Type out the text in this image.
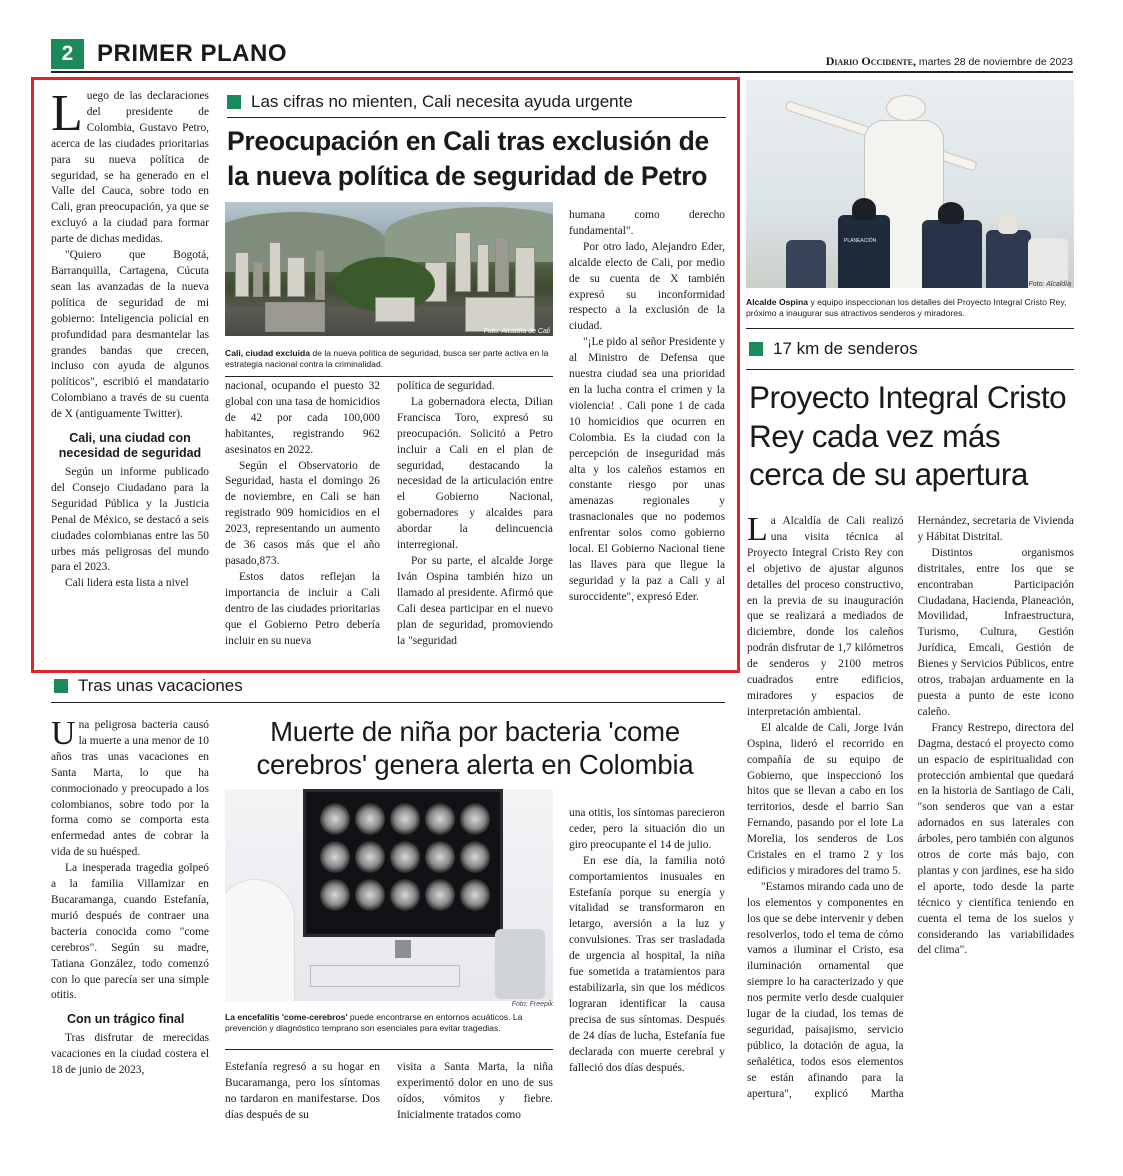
2 PRIMER PLANO	Diario Occidente, martes 28 de noviembre de 2023
L uego de las declaraciones del presidente de Colombia, Gustavo Petro, acerca de las ciudades prioritarias para su nueva política de seguridad, se ha generado en el Valle del Cauca, sobre todo en Cali, gran preocupación, ya que se excluyó a la ciudad para formar parte de dichas medidas.

"Quiero que Bogotá, Barranquilla, Cartagena, Cúcuta sean las avanzadas de la nueva política de seguridad de mi gobierno: Inteligencia policial en profundidad para desmantelar las grandes bandas que crecen, incluso con ayuda de algunos políticos", escribió el mandatario Colombiano a través de su cuenta de X (antiguamente Twitter).

Cali, una ciudad con necesidad de seguridad

Según un informe publicado del Consejo Ciudadano para la Seguridad Pública y la Justicia Penal de México, se destacó a seis ciudades colombianas entre las 50 urbes más peligrosas del mundo para el 2023.

Cali lidera esta lista a nivel

Las cifras no mienten, Cali necesita ayuda urgente
Preocupación en Cali tras exclusión de la nueva política de seguridad de Petro
Foto: Alcaldía de Cali
Cali, ciudad excluida de la nueva política de seguridad, busca ser parte activa en la estrategia nacional contra la criminalidad.

nacional, ocupando el puesto 32 global con una tasa de homicidios de 42 por cada 100,000 habitantes, registrando 962 asesinatos en 2022.

Según el Observatorio de Seguridad, hasta el domingo 26 de noviembre, en Cali se han registrado 909 homicidios en el 2023, representando un aumento de 36 casos más que el año pasado,873.

Estos datos reflejan la importancia de incluir a Cali dentro de las ciudades prioritarias que el Gobierno Petro debería incluir en su nueva

política de seguridad.

La gobernadora electa, Dilian Francisca Toro, expresó su preocupación. Solicitó a Petro incluir a Cali en el plan de seguridad, destacando la necesidad de la articulación entre el Gobierno Nacional, gobernadores y alcaldes para abordar la delincuencia interregional.

Por su parte, el alcalde Jorge Iván Ospina también hizo un llamado al presidente. Afirmó que Cali desea participar en el nuevo plan de seguridad, promoviendo la "seguridad

humana como derecho fundamental".

Por otro lado, Alejandro Eder, alcalde electo de Cali, por medio de su cuenta de X también expresó su inconformidad respecto a la exclusión de la ciudad.

"¡Le pido al señor Presidente y al Ministro de Defensa que nuestra ciudad sea una prioridad en la lucha contra el crimen y la violencia! . Cali pone 1 de cada 10 homicidios que ocurren en Colombia. Es la ciudad con la percepción de inseguridad más alta y los caleños estamos en constante riesgo por unas amenazas regionales y trasnacionales que no podemos enfrentar solos como gobierno local. El Gobierno Nacional tiene las llaves para que llegue la seguridad y la paz a Cali y al suroccidente", expresó Eder.

PLANEACIÓN
Foto: Alcaldía
Alcalde Ospina y equipo inspeccionan los detalles del Proyecto Integral Cristo Rey, próximo a inaugurar sus atractivos senderos y miradores.
17 km de senderos
Proyecto Integral Cristo Rey cada vez más cerca de su apertura
L a Alcaldía de Cali realizó una visita técnica al Proyecto Integral Cristo Rey con el objetivo de ajustar algunos detalles del proceso constructivo, en la previa de su inauguración que se realizará a mediados de diciembre, donde los caleños podrán disfrutar de 1,7 kilómetros de senderos y 2100 metros cuadrados entre edificios, miradores y espacios de interpretación ambiental.

El alcalde de Cali, Jorge Iván Ospina, lideró el recorrido en compañía de su equipo de Gobierno, que inspeccionó los hitos que se llevan a cabo en los territorios, desde el barrio San Fernando, pasando por el lote La Morelia, los senderos de Los Cristales en el tramo 2 y los edificios y miradores del tramo 5.

"Estamos mirando cada uno de los elementos y componentes en los que se debe intervenir y deben resolverlos, todo el tema de cómo vamos a iluminar el Cristo, esa iluminación ornamental que siempre lo ha caracterizado y que nos permite verlo desde cualquier lugar de la ciudad, los temas de seguridad, paisajismo, servicio público, la dotación de agua, la señalética, todos esos elementos se están afinando para la apertura", explicó Martha Hernández, secretaria de Vivienda y Hábitat Distrital.

Distintos organismos distritales, entre los que se encontraban Participación Ciudadana, Hacienda, Planeación, Movilidad, Infraestructura, Turismo, Cultura, Gestión Jurídica, Emcali, Gestión de Bienes y Servicios Públicos, entre otros, trabajan arduamente en la puesta a punto de este icono caleño.

Francy Restrepo, directora del Dagma, destacó el proyecto como un espacio de espiritualidad con protección ambiental que quedará en la historia de Santiago de Cali, "son senderos que van a estar adornados en sus laterales con árboles, pero también con algunos otros de corte más bajo, con plantas y con jardines, ese ha sido el aporte, todo desde la parte técnico y científica teniendo en cuenta el tema de los suelos y considerando las variabilidades del clima".

Tras unas vacaciones
U na peligrosa bacteria causó la muerte a una menor de 10 años tras unas vacaciones en Santa Marta, lo que ha conmocionado y preocupado a los colombianos, sobre todo por la forma como se comporta esta enfermedad antes de cobrar la vida de su huésped.

La inesperada tragedia golpeó a la familia Villamizar en Bucaramanga, cuando Estefanía, murió después de contraer una bacteria conocida como "come cerebros". Según su madre, Tatiana González, todo comenzó con lo que parecía ser una simple otitis.

Con un trágico final

Tras disfrutar de merecidas vacaciones en la ciudad costera el 18 de junio de 2023,

Muerte de niña por bacteria 'come cerebros' genera alerta en Colombia
Foto: Freepik
La encefalitis 'come-cerebros' puede encontrarse en entornos acuáticos. La prevención y diagnóstico temprano son esenciales para evitar tragedias.

Estefanía regresó a su hogar en Bucaramanga, pero los síntomas no tardaron en manifestarse. Dos días después de su

visita a Santa Marta, la niña experimentó dolor en uno de sus oídos, vómitos y fiebre. Inicialmente tratados como

una otitis, los síntomas parecieron ceder, pero la situación dio un giro preocupante el 14 de julio.

En ese día, la familia notó comportamientos inusuales en Estefanía porque su energía y vitalidad se transformaron en letargo, aversión a la luz y convulsiones. Tras ser trasladada de urgencia al hospital, la niña fue sometida a tratamientos para estabilizarla, sin que los médicos lograran identificar la causa precisa de sus síntomas. Después de 24 días de lucha, Estefanía fue declarada con muerte cerebral y falleció dos días después.
